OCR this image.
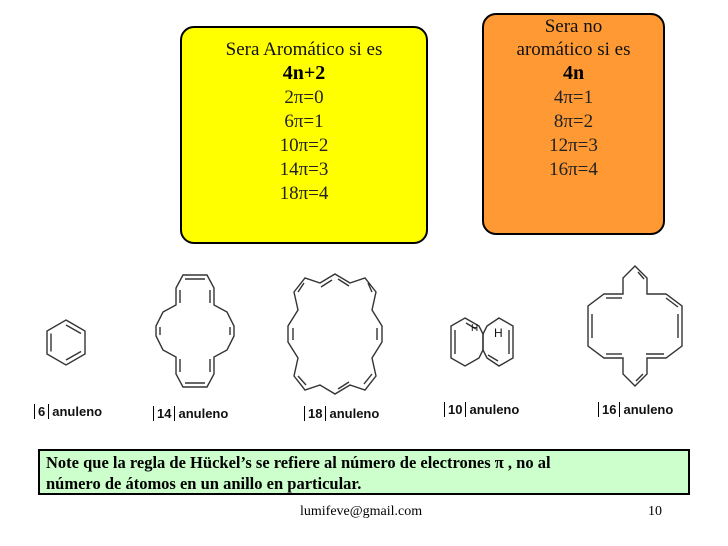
Sera Aromático si es
4n+2
2π=0
6π=1
10π=2
14π=3
18π=4
Sera no
aromático si es
4n
4π=1
8π=2
12π=3
16π=4
H H
6 anuleno	14 anuleno	18 anuleno	10 anuleno	16 anuleno
Note que la regla de Hückel’s se refiere al número de electrones π , no al
número de átomos en un anillo en particular.
lumifeve@gmail.com	10
